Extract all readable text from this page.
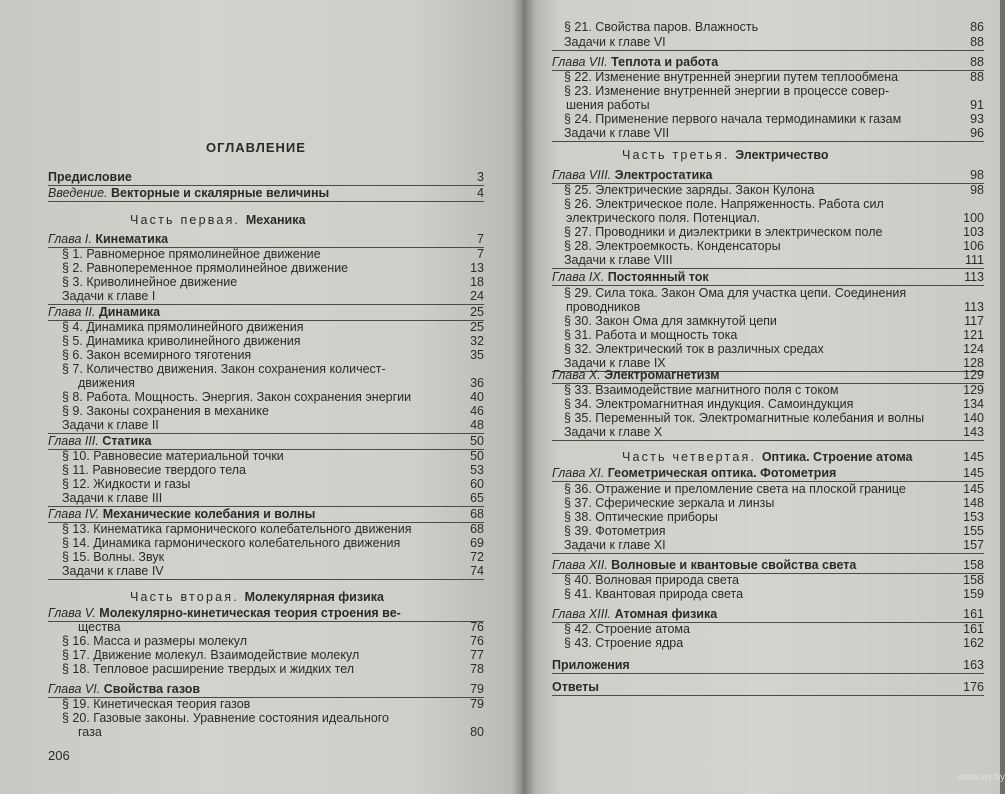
ОГЛАВЛЕНИЕ
Предисловие	3
Введение. Векторные и скалярные величины	4
Часть первая. Механика
Глава I. Кинематика	7
§ 1. Равномерное прямолинейное движение	7
§ 2. Равнопеременное прямолинейное движение	13
§ 3. Криволинейное движение	18
Задачи к главе I	24
Глава II. Динамика	25
§ 4. Динамика прямолинейного движения	25
§ 5. Динамика криволинейного движения	32
§ 6. Закон всемирного тяготения	35
§ 7. Количество движения. Закон сохранения количест-
движения	36
§ 8. Работа. Мощность. Энергия. Закон сохранения энергии	40
§ 9. Законы сохранения в механике	46
Задачи к главе II	48
Глава III. Статика	50
§ 10. Равновесие материальной точки	50
§ 11. Равновесие твердого тела	53
§ 12. Жидкости и газы	60
Задачи к главе III	65
Глава IV. Механические колебания и волны	68
§ 13. Кинематика гармонического колебательного движения	68
§ 14. Динамика гармонического колебательного движения	69
§ 15. Волны. Звук	72
Задачи к главе IV	74
Часть вторая. Молекулярная физика
Глава V. Молекулярно-кинетическая теория строения ве-
щества	76
§ 16. Масса и размеры молекул	76
§ 17. Движение молекул. Взаимодействие молекул	77
§ 18. Тепловое расширение твердых и жидких тел	78
Глава VI. Свойства газов	79
§ 19. Кинетическая теория газов	79
§ 20. Газовые законы. Уравнение состояния идеального
газа	80
206
§ 21. Свойства паров. Влажность	86
Задачи к главе VI	88
Глава VII. Теплота и работа	88
§ 22. Изменение внутренней энергии путем теплообмена	88
§ 23. Изменение внутренней энергии в процессе совер-
шения работы	91
§ 24. Применение первого начала термодинамики к газам	93
Задачи к главе VII	96
Часть третья. Электричество
Глава VIII. Электростатика	98
§ 25. Электрические заряды. Закон Кулона	98
§ 26. Электрическое поле. Напряженность. Работа сил
электрического поля. Потенциал.	100
§ 27. Проводники и диэлектрики в электрическом поле	103
§ 28. Электроемкость. Конденсаторы	106
Задачи к главе VIII	111
Глава IX. Постоянный ток	113
§ 29. Сила тока. Закон Ома для участка цепи. Соединения
проводников	113
§ 30. Закон Ома для замкнутой цепи	117
§ 31. Работа и мощность тока	121
§ 32. Электрический ток в различных средах	124
Задачи к главе IX	128
Глава X. Электромагнетизм	129
§ 33. Взаимодействие магнитного поля с током	129
§ 34. Электромагнитная индукция. Самоиндукция	134
§ 35. Переменный ток. Электромагнитные колебания и волны	140
Задачи к главе X	143
Часть четвертая. Оптика. Строение атома	145
Глава XI. Геометрическая оптика. Фотометрия	145
§ 36. Отражение и преломление света на плоской границе	145
§ 37. Сферические зеркала и линзы	148
§ 38. Оптические приборы	153
§ 39. Фотометрия	155
Задачи к главе XI	157
Глава XII. Волновые и квантовые свойства света	158
§ 40. Волновая природа света	158
§ 41. Квантовая природа света	159
Глава XIII. Атомная физика	161
§ 42. Строение атома	161
§ 43. Строение ядра	162
Приложения	163
Ответы	176
www.ay.by
